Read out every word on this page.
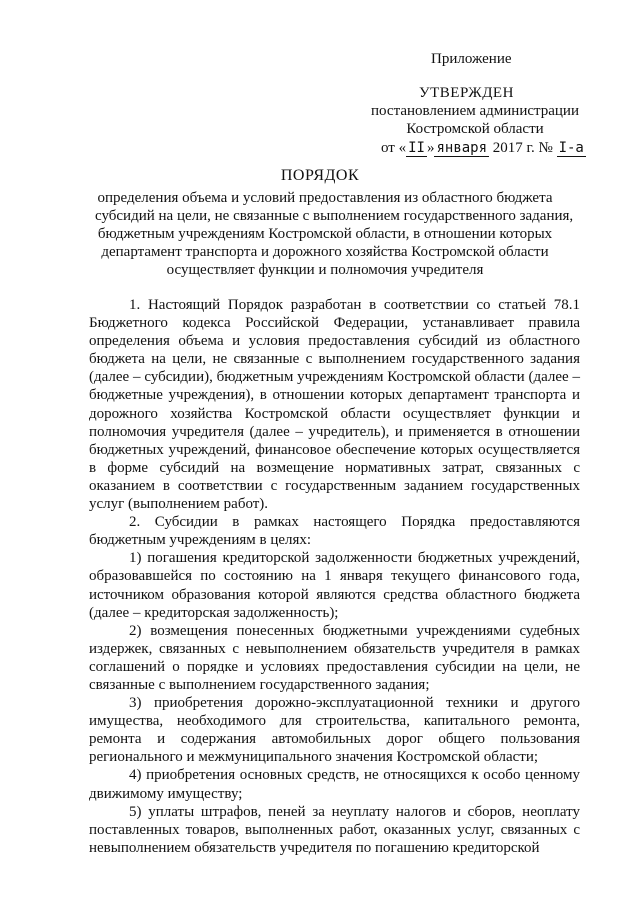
Приложение
УТВЕРЖДЕН
постановлением администрации
Костромской области
от « II » января 2017 г. № I-а
ПОРЯДОК
определения объема и условий предоставления из областного бюджета
субсидий на цели, не связанные с выполнением государственного задания,
бюджетным учреждениям Костромской области, в отношении которых
департамент транспорта и дорожного хозяйства Костромской области
осуществляет функции и полномочия учредителя

1. Настоящий Порядок разработан в соответствии со статьей 78.1 Бюджетного кодекса Российской Федерации, устанавливает правила определения объема и условия предоставления субсидий из областного бюджета на цели, не связанные с выполнением государственного задания (далее – субсидии), бюджетным учреждениям Костромской области (далее – бюджетные учреждения), в отношении которых департамент транспорта и дорожного хозяйства Костромской области осуществляет функции и полномочия учредителя (далее – учредитель), и применяется в отношении бюджетных учреждений, финансовое обеспечение которых осуществляется в форме субсидий на возмещение нормативных затрат, связанных с оказанием в соответствии с государственным заданием государственных услуг (выполнением работ).

2. Субсидии в рамках настоящего Порядка предоставляются бюджетным учреждениям в целях:

1) погашения кредиторской задолженности бюджетных учреждений, образовавшейся по состоянию на 1 января текущего финансового года, источником образования которой являются средства областного бюджета (далее – кредиторская задолженность);

2) возмещения понесенных бюджетными учреждениями судебных издержек, связанных с невыполнением обязательств учредителя в рамках соглашений о порядке и условиях предоставления субсидии на цели, не связанные с выполнением государственного задания;

3) приобретения дорожно-эксплуатационной техники и другого имущества, необходимого для строительства, капитального ремонта, ремонта и содержания автомобильных дорог общего пользования регионального и межмуниципального значения Костромской области;

4) приобретения основных средств, не относящихся к особо ценному движимому имуществу;

5) уплаты штрафов, пеней за неуплату налогов и сборов, неоплату поставленных товаров, выполненных работ, оказанных услуг, связанных с невыполнением обязательств учредителя по погашению кредиторской
